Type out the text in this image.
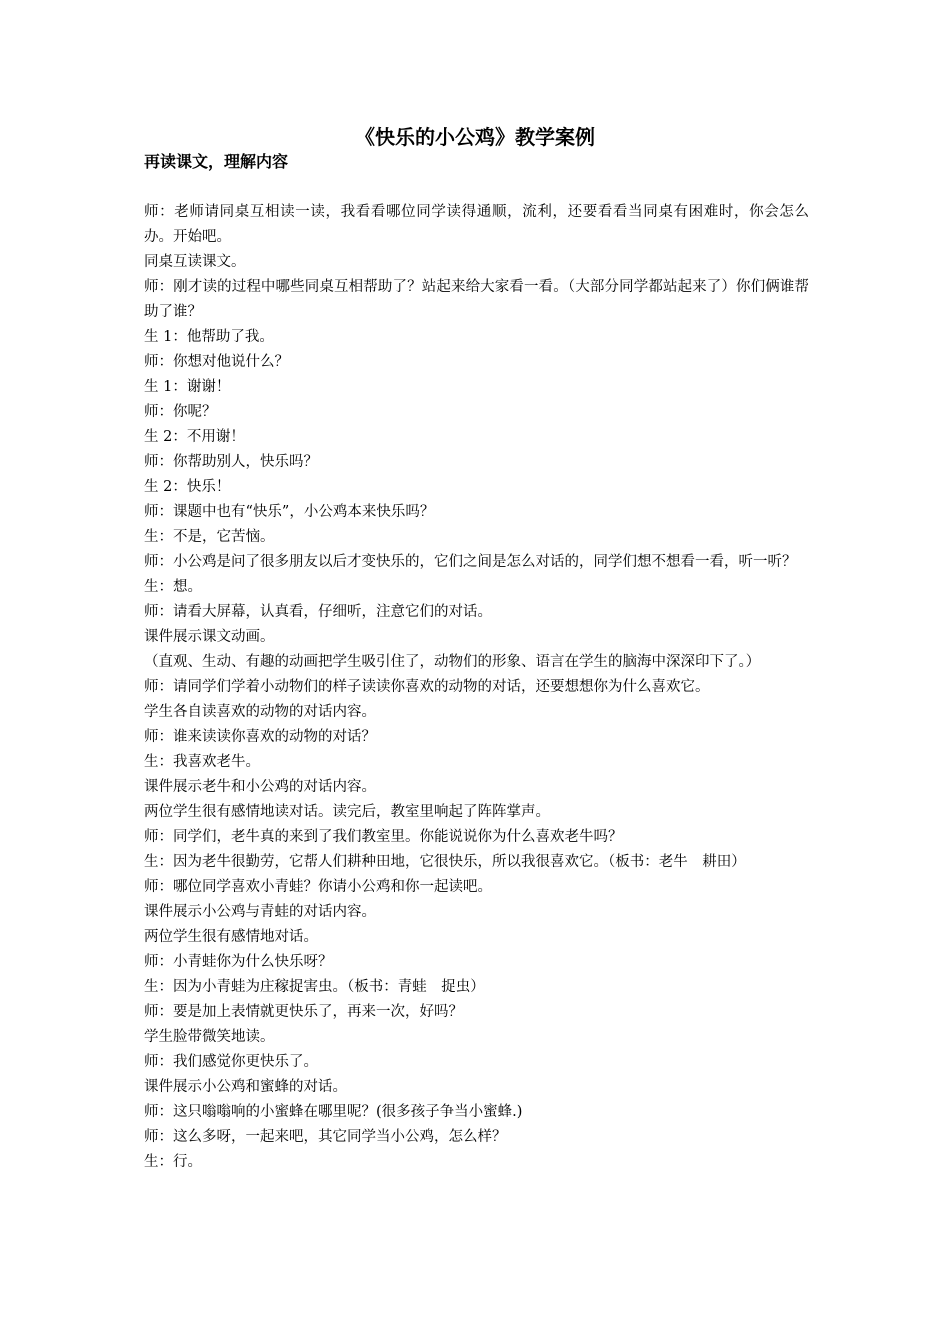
《快乐的小公鸡》教学案例
再读课文，理解内容

师：老师请同桌互相读一读，我看看哪位同学读得通顺，流利，还要看看当同桌有困难时，你会怎么办。开始吧。

同桌互读课文。

师：刚才读的过程中哪些同桌互相帮助了？站起来给大家看一看。（大部分同学都站起来了）你们俩谁帮助了谁？

生 1：他帮助了我。

师：你想对他说什么？

生 1：谢谢！

师：你呢？

生 2：不用谢！

师：你帮助别人，快乐吗？

生 2：快乐！

师：课题中也有“快乐”，小公鸡本来快乐吗？

生：不是，它苦恼。

师：小公鸡是问了很多朋友以后才变快乐的，它们之间是怎么对话的，同学们想不想看一看，听一听？

生：想。

师：请看大屏幕，认真看，仔细听，注意它们的对话。

课件展示课文动画。

（直观、生动、有趣的动画把学生吸引住了，动物们的形象、语言在学生的脑海中深深印下了。）

师：请同学们学着小动物们的样子读读你喜欢的动物的对话，还要想想你为什么喜欢它。

学生各自读喜欢的动物的对话内容。

师：谁来读读你喜欢的动物的对话？

生：我喜欢老牛。

课件展示老牛和小公鸡的对话内容。

两位学生很有感情地读对话。读完后，教室里响起了阵阵掌声。

师：同学们，老牛真的来到了我们教室里。你能说说你为什么喜欢老牛吗？

生：因为老牛很勤劳，它帮人们耕种田地，它很快乐，所以我很喜欢它。（板书：老牛　耕田）

师：哪位同学喜欢小青蛙？你请小公鸡和你一起读吧。

课件展示小公鸡与青蛙的对话内容。

两位学生很有感情地对话。

师：小青蛙你为什么快乐呀？

生：因为小青蛙为庄稼捉害虫。（板书：青蛙　捉虫）

师：要是加上表情就更快乐了，再来一次，好吗？

学生脸带微笑地读。

师：我们感觉你更快乐了。

课件展示小公鸡和蜜蜂的对话。

师：这只嗡嗡响的小蜜蜂在哪里呢？(很多孩子争当小蜜蜂.)

师：这么多呀，一起来吧，其它同学当小公鸡，怎么样？

生：行。
